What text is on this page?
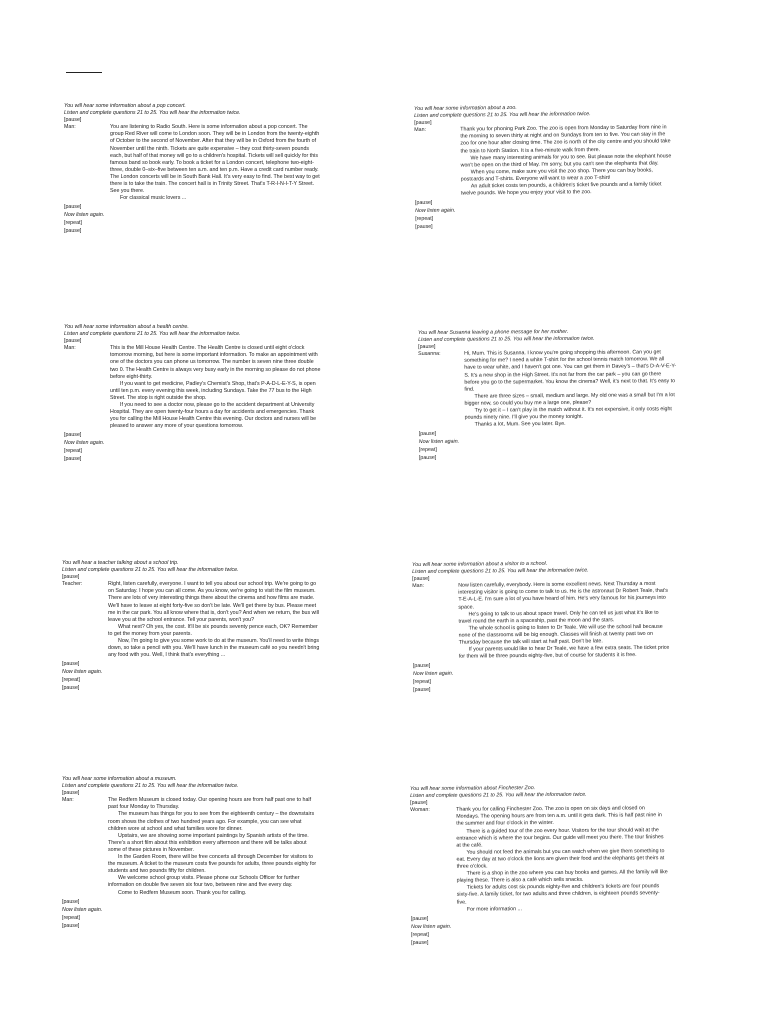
You will hear some information about a pop concert.
Listen and complete questions 21 to 25. You will hear the information twice.
[pause]
Man:	You are listening to Radio South. Here is some information about a pop concert. The group Red River will come to London soon. They will be in London from the twenty-eighth of October to the second of November. After that they will be in Oxford from the fourth of November until the ninth. Tickets are quite expensive – they cost thirty-seven pounds each, but half of that money will go to a children's hospital. Tickets will sell quickly for this famous band so book early. To book a ticket for a London concert, telephone two-eight-three, double 0–six–five between ten a.m. and ten p.m. Have a credit card number ready. The London concerts will be in South Bank Hall. It's very easy to find. The best way to get there is to take the train. The concert hall is in Trinity Street. That's T-R-I-N-I-T-Y Street. See you there.

For classical music lovers ...

[pause]
Now listen again.
[repeat]
[pause]
You will hear some information about a zoo.
Listen and complete questions 21 to 25. You will hear the information twice.
[pause]
Man:	Thank you for phoning Park Zoo. The zoo is open from Monday to Saturday from nine in the morning to seven thirty at night and on Sundays from ten to five. You can stay in the zoo for one hour after closing time. The zoo is north of the city centre and you should take the train to North Station. It is a five-minute walk from there.

We have many interesting animals for you to see. But please note the elephant house won't be open on the third of May. I'm sorry, but you can't see the elephants that day.

When you come, make sure you visit the zoo shop. There you can buy books, postcards and T-shirts. Everyone will want to wear a zoo T-shirt!

An adult ticket costs ten pounds, a children's ticket five pounds and a family ticket twelve pounds. We hope you enjoy your visit to the zoo.

[pause]
Now listen again.
[repeat]
[pause]
You will hear some information about a health centre.
Listen and complete questions 21 to 25. You will hear the information twice.
[pause]
Man:	This is the Mill House Health Centre. The Health Centre is closed until eight o'clock tomorrow morning, but here is some important information. To make an appointment with one of the doctors you can phone us tomorrow. The number is seven nine three double two 0. The Health Centre is always very busy early in the morning so please do not phone before eight-thirty.

If you want to get medicine, Padley's Chemist's Shop, that's P-A-D-L-E-Y-S, is open until ten p.m. every evening this week, including Sundays. Take the 77 bus to the High Street. The stop is right outside the shop.

If you need to see a doctor now, please go to the accident department at University Hospital. They are open twenty-four hours a day for accidents and emergencies. Thank you for calling the Mill House Health Centre this evening. Our doctors and nurses will be pleased to answer any more of your questions tomorrow.

[pause]
Now listen again.
[repeat]
[pause]
You will hear Susanna leaving a phone message for her mother.
Listen and complete questions 21 to 25. You will hear the information twice.
[pause]
Susanna:	Hi, Mum. This is Susanna. I know you're going shopping this afternoon. Can you get something for me? I need a white T-shirt for the school tennis match tomorrow. We all have to wear white, and I haven't got one. You can get them in Davey's – that's D-A-V-E-Y-S. It's a new shop in the High Street. It's not far from the car park – you can go there before you go to the supermarket. You know the cinema? Well, it's next to that. It's easy to find.

There are three sizes – small, medium and large. My old one was a small but I'm a lot bigger now, so could you buy me a large one, please?

Try to get it – I can't play in the match without it. It's not expensive, it only costs eight pounds ninety nine. I'll give you the money tonight.

Thanks a lot, Mum. See you later. Bye.

[pause]
Now listen again.
[repeat]
[pause]
You will hear a teacher talking about a school trip.
Listen and complete questions 21 to 25. You will hear the information twice.
[pause]
Teacher:	Right, listen carefully, everyone. I want to tell you about our school trip. We're going to go on Saturday. I hope you can all come. As you know, we're going to visit the film museum. There are lots of very interesting things there about the cinema and how films are made. We'll have to leave at eight forty-five so don't be late. We'll get there by bus. Please meet me in the car park. You all know where that is, don't you? And when we return, the bus will leave you at the school entrance. Tell your parents, won't you?

What next? Oh yes, the cost. It'll be six pounds seventy pence each, OK? Remember to get the money from your parents.

Now, I'm going to give you some work to do at the museum. You'll need to write things down, so take a pencil with you. We'll have lunch in the museum café so you needn't bring any food with you. Well, I think that's everything ...

[pause]
Now listen again.
[repeat]
[pause]
You will hear some information about a visitor to a school.
Listen and complete questions 21 to 25. You will hear the information twice.
[pause]
Man:	Now listen carefully, everybody. Here is some excellent news. Next Thursday a most interesting visitor is going to come to talk to us. He is the astronaut Dr Robert Teale, that's T-E-A-L-E. I'm sure a lot of you have heard of him. He's very famous for his journeys into space.

He's going to talk to us about space travel. Only he can tell us just what it's like to travel round the earth in a spaceship, past the moon and the stars.

The whole school is going to listen to Dr Teale. We will use the school hall because none of the classrooms will be big enough. Classes will finish at twenty past two on Thursday because the talk will start at half past. Don't be late.

If your parents would like to hear Dr Teale, we have a few extra seats. The ticket price for them will be three pounds eighty-five, but of course for students it is free.

[pause]
Now listen again.
[repeat]
[pause]
You will hear some information about a museum.
Listen and complete questions 21 to 25. You will hear the information twice.
[pause]
Man:	The Redfern Museum is closed today. Our opening hours are from half past one to half past four Monday to Thursday.

The museum has things for you to see from the eighteenth century – the downstairs room shows the clothes of two hundred years ago. For example, you can see what children wore at school and what families wore for dinner.

Upstairs, we are showing some important paintings by Spanish artists of the time. There's a short film about this exhibition every afternoon and there will be talks about some of these pictures in November.

In the Garden Room, there will be free concerts all through December for visitors to the museum. A ticket to the museum costs five pounds for adults, three pounds eighty for students and two pounds fifty for children.

We welcome school group visits. Please phone our Schools Officer for further information on double five seven six four two, between nine and five every day.

Come to Redfern Museum soon. Thank you for calling.

[pause]
Now listen again.
[repeat]
[pause]
You will hear some information about Finchester Zoo.
Listen and complete questions 21 to 25. You will hear the information twice.
[pause]
Woman:	Thank you for calling Finchester Zoo. The zoo is open on six days and closed on Mondays. The opening hours are from ten a.m. until it gets dark. This is half past nine in the summer and four o'clock in the winter.

There is a guided tour of the zoo every hour. Visitors for the tour should wait at the entrance which is where the tour begins. Our guide will meet you there. The tour finishes at the café.

You should not feed the animals but you can watch when we give them something to eat. Every day at two o'clock the lions are given their food and the elephants get theirs at three o'clock.

There is a shop in the zoo where you can buy books and games. All the family will like playing these. There is also a café which sells snacks.

Tickets for adults cost six pounds eighty-five and children's tickets are four pounds sixty-five. A family ticket, for two adults and three children, is eighteen pounds seventy-five.

For more information ...

[pause]
Now listen again.
[repeat]
[pause]
